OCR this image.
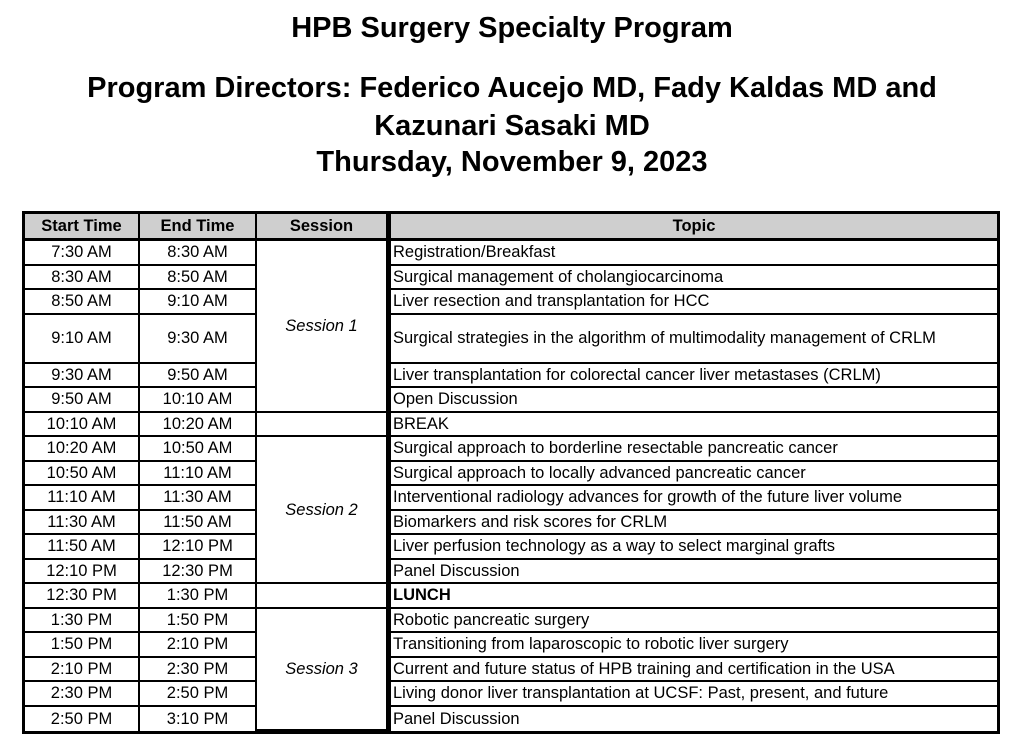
HPB Surgery Specialty Program
Program Directors: Federico Aucejo MD, Fady Kaldas MD and
Kazunari Sasaki MD
Thursday, November 9, 2023
Start Time	End Time	Session	Topic
7:30 AM	8:30 AM	Session 1	Registration/Breakfast
8:30 AM	8:50 AM		Surgical management of cholangiocarcinoma
8:50 AM	9:10 AM		Liver resection and transplantation for HCC
9:10 AM	9:30 AM		Surgical strategies in the algorithm of multimodality management of CRLM
9:30 AM	9:50 AM		Liver transplantation for colorectal cancer liver metastases (CRLM)
9:50 AM	10:10 AM		Open Discussion
10:10 AM	10:20 AM		BREAK
10:20 AM	10:50 AM	Session 2	Surgical approach to borderline resectable pancreatic cancer
10:50 AM	11:10 AM		Surgical approach to locally advanced pancreatic cancer
11:10 AM	11:30 AM		Interventional radiology advances for growth of the future liver volume
11:30 AM	11:50 AM		Biomarkers and risk scores for CRLM
11:50 AM	12:10 PM		Liver perfusion technology as a way to select marginal grafts
12:10 PM	12:30 PM		Panel Discussion
12:30 PM	1:30 PM		LUNCH
1:30 PM	1:50 PM	Session 3	Robotic pancreatic surgery
1:50 PM	2:10 PM		Transitioning from laparoscopic to robotic liver surgery
2:10 PM	2:30 PM		Current and future status of HPB training and certification in the USA
2:30 PM	2:50 PM		Living donor liver transplantation at UCSF: Past, present, and future
2:50 PM	3:10 PM		Panel Discussion
